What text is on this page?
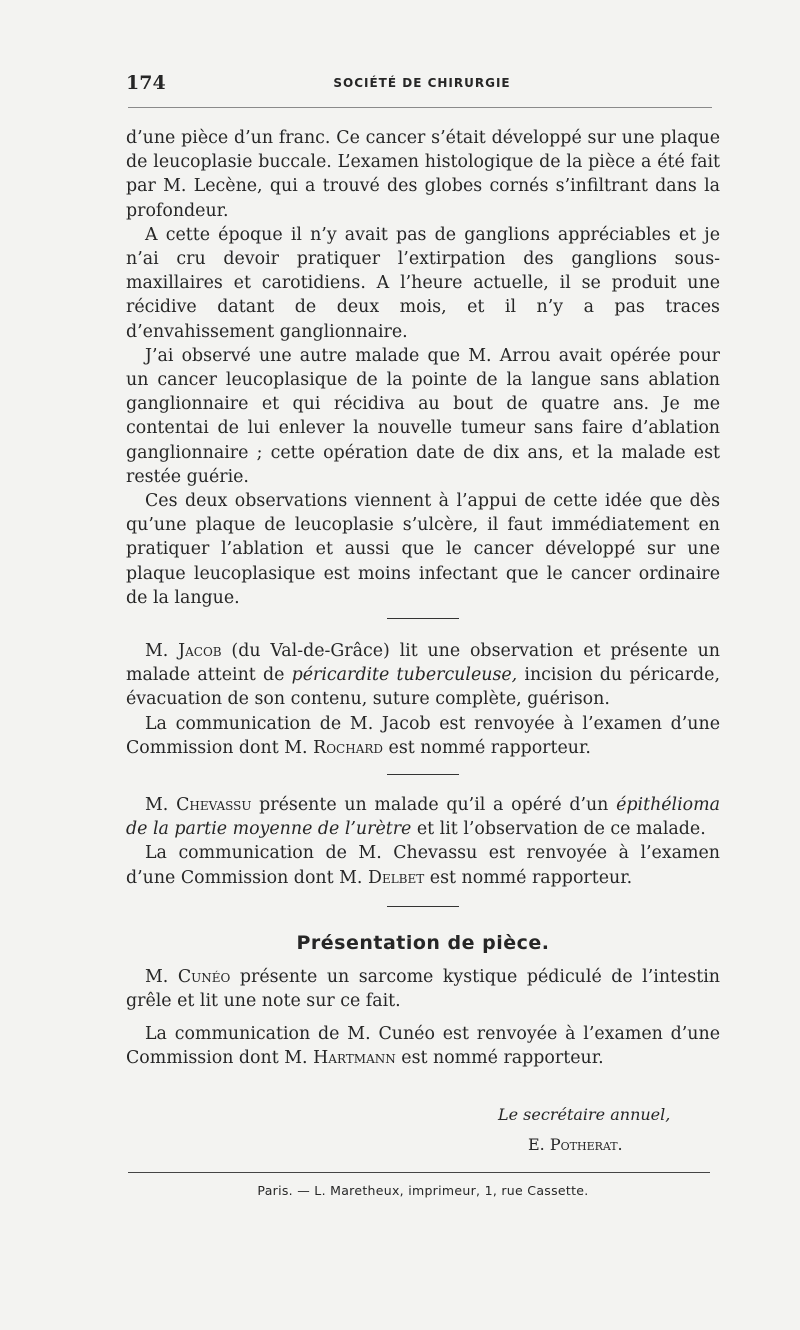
174	SOCIÉTÉ DE CHIRURGIE

d’une pièce d’un franc. Ce cancer s’était développé sur une plaque de leucoplasie buccale. L’examen histologique de la pièce a été fait par M. Lecène, qui a trouvé des globes cornés s’infiltrant dans la profondeur.

A cette époque il n’y avait pas de ganglions appréciables et je n’ai cru devoir pratiquer l’extirpation des ganglions sous-maxillaires et carotidiens. A l’heure actuelle, il se produit une récidive datant de deux mois, et il n’y a pas traces d’envahissement ganglionnaire.

J’ai observé une autre malade que M. Arrou avait opérée pour un cancer leucoplasique de la pointe de la langue sans ablation ganglionnaire et qui récidiva au bout de quatre ans. Je me contentai de lui enlever la nouvelle tumeur sans faire d’ablation ganglionnaire ; cette opération date de dix ans, et la malade est restée guérie.

Ces deux observations viennent à l’appui de cette idée que dès qu’une plaque de leucoplasie s’ulcère, il faut immédiatement en pratiquer l’ablation et aussi que le cancer développé sur une plaque leucoplasique est moins infectant que le cancer ordinaire de la langue.

M. Jacob (du Val-de-Grâce) lit une observation et présente un malade atteint de péricardite tuberculeuse, incision du péricarde, évacuation de son contenu, suture complète, guérison.

La communication de M. Jacob est renvoyée à l’examen d’une Commission dont M. Rochard est nommé rapporteur.

M. Chevassu présente un malade qu’il a opéré d’un épithélioma de la partie moyenne de l’urètre et lit l’observation de ce malade.

La communication de M. Chevassu est renvoyée à l’examen d’une Commission dont M. Delbet est nommé rapporteur.

Présentation de pièce.

M. Cunéo présente un sarcome kystique pédiculé de l’intestin grêle et lit une note sur ce fait.

La communication de M. Cunéo est renvoyée à l’examen d’une Commission dont M. Hartmann est nommé rapporteur.

Le secrétaire annuel,
E. Potherat.
Paris. — L. Maretheux, imprimeur, 1, rue Cassette.
